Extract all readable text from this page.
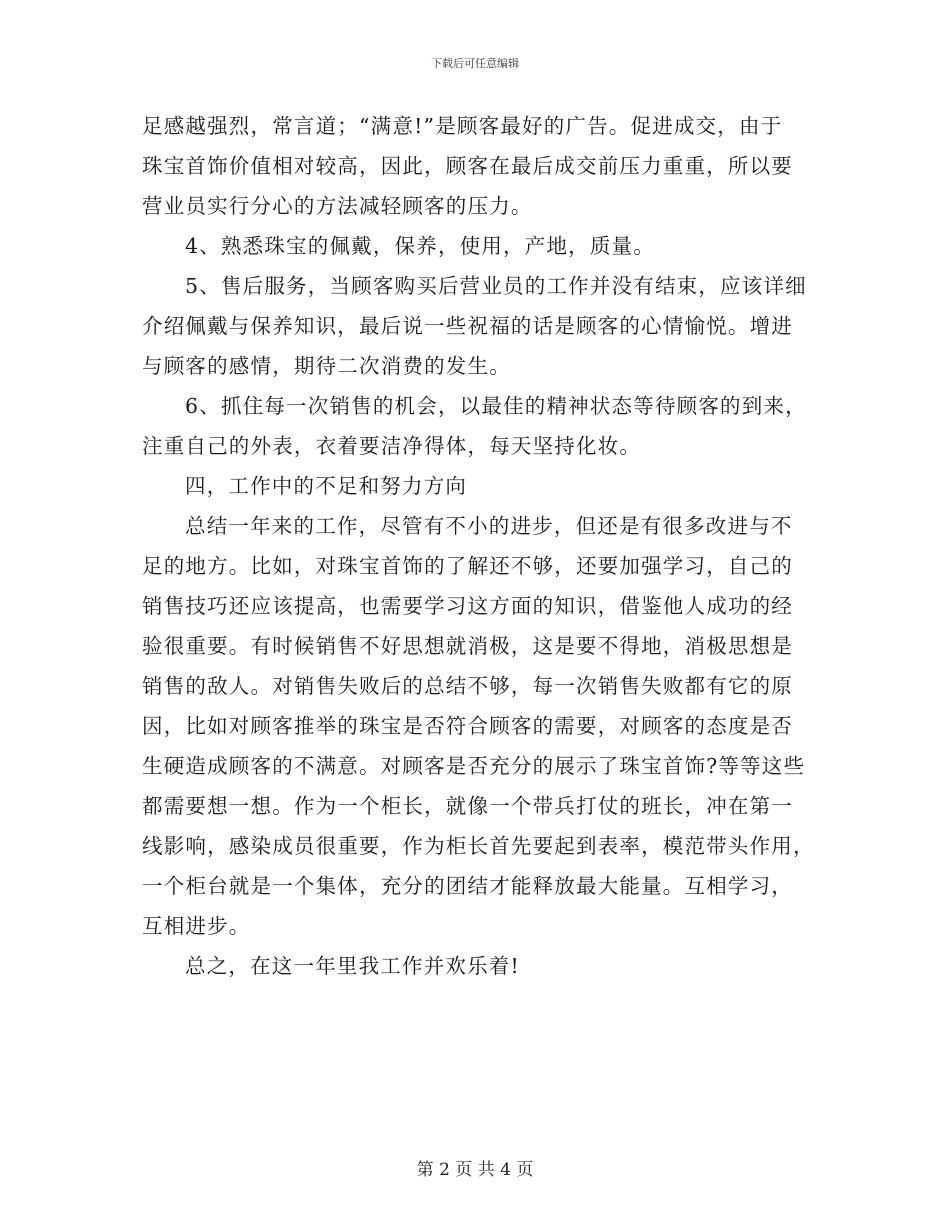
下载后可任意编辑
足感越强烈，常言道；“满意!”是顾客最好的广告。促进成交，由于
珠宝首饰价值相对较高，因此，顾客在最后成交前压力重重，所以要
营业员实行分心的方法减轻顾客的压力。
4、熟悉珠宝的佩戴，保养，使用，产地，质量。
5、售后服务，当顾客购买后营业员的工作并没有结束，应该详细
介绍佩戴与保养知识，最后说一些祝福的话是顾客的心情愉悦。增进
与顾客的感情，期待二次消费的发生。
6、抓住每一次销售的机会，以最佳的精神状态等待顾客的到来，
注重自己的外表，衣着要洁净得体，每天坚持化妆。
四，工作中的不足和努力方向
总结一年来的工作，尽管有不小的进步，但还是有很多改进与不
足的地方。比如，对珠宝首饰的了解还不够，还要加强学习，自己的
销售技巧还应该提高，也需要学习这方面的知识，借鉴他人成功的经
验很重要。有时候销售不好思想就消极，这是要不得地，消极思想是
销售的敌人。对销售失败后的总结不够，每一次销售失败都有它的原
因，比如对顾客推举的珠宝是否符合顾客的需要，对顾客的态度是否
生硬造成顾客的不满意。对顾客是否充分的展示了珠宝首饰?等等这些
都需要想一想。作为一个柜长，就像一个带兵打仗的班长，冲在第一
线影响，感染成员很重要，作为柜长首先要起到表率，模范带头作用，
一个柜台就是一个集体，充分的团结才能释放最大能量。互相学习，
互相进步。
总之，在这一年里我工作并欢乐着!
第 2 页 共 4 页
